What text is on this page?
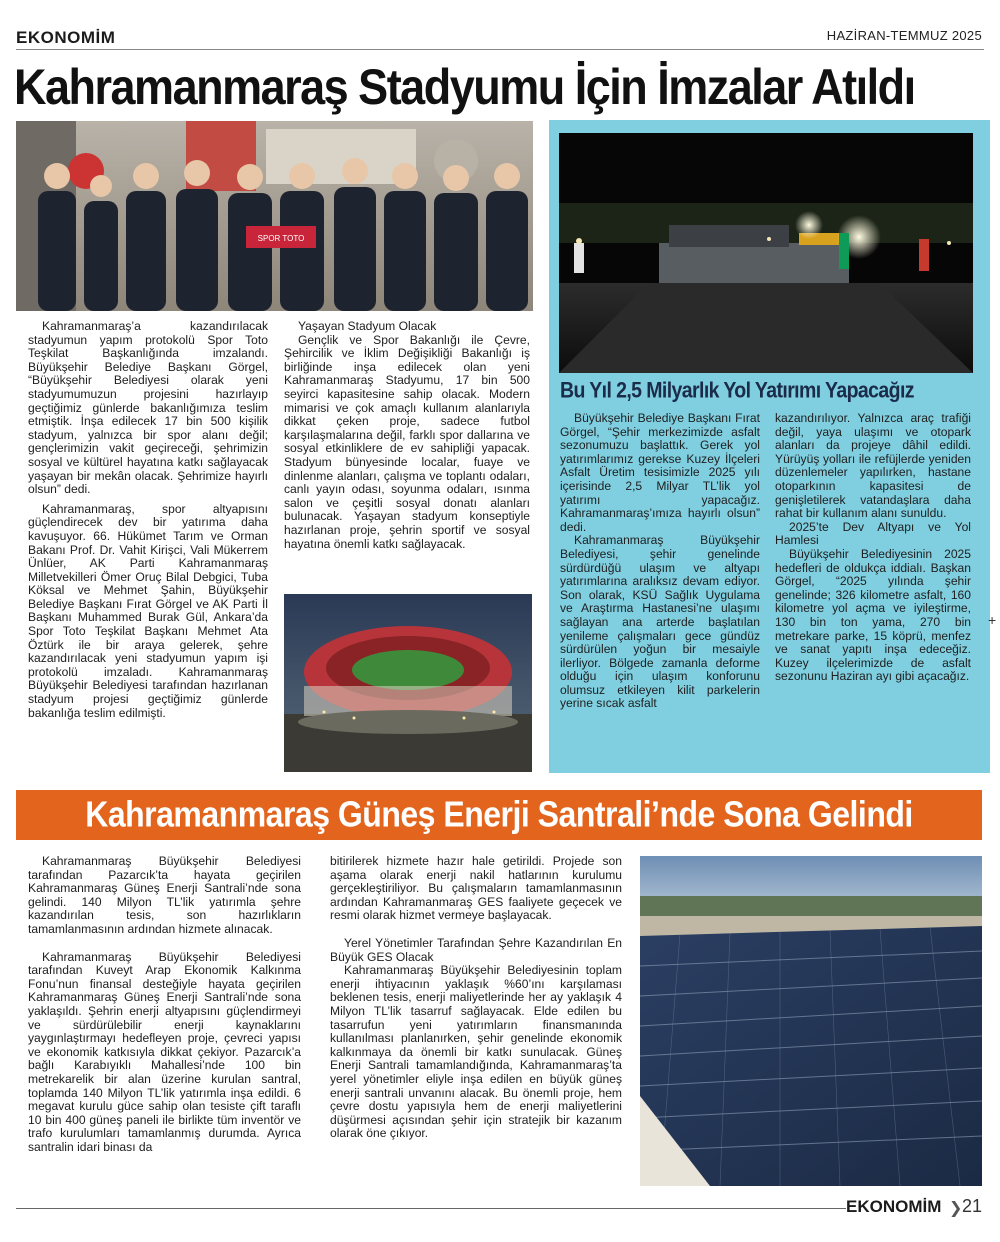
EKONOMİM	HAZİRAN-TEMMUZ 2025
Kahramanmaraş Stadyumu İçin İmzalar Atıldı
SPOR TOTO

Kahramanmaraş’a kazandırılacak stadyumun yapım protokolü Spor Toto Teşkilat Başkanlığında imzalandı. Büyükşehir Belediye Başkanı Görgel, “Büyükşehir Belediyesi olarak yeni stadyumumuzun projesini hazırlayıp geçtiğimiz günlerde bakanlığımıza teslim etmiştik. İnşa edilecek 17 bin 500 kişilik stadyum, yalnızca bir spor alanı değil; gençlerimizin vakit geçireceği, şehrimizin sosyal ve kültürel hayatına katkı sağlayacak yaşayan bir mekân olacak. Şehrimize hayırlı olsun” dedi.

Kahramanmaraş, spor altyapısını güçlendirecek dev bir yatırıma daha kavuşuyor. 66. Hükümet Tarım ve Orman Bakanı Prof. Dr. Vahit Kirişci, Vali Mükerrem Ünlüer, AK Parti Kahramanmaraş Milletvekilleri Ömer Oruç Bilal Debgici, Tuba Köksal ve Mehmet Şahin, Büyükşehir Belediye Başkanı Fırat Görgel ve AK Parti İl Başkanı Muhammed Burak Gül, Ankara’da Spor Toto Teşkilat Başkanı Mehmet Ata Öztürk ile bir araya gelerek, şehre kazandırılacak yeni stadyumun yapım işi protokolü imzaladı. Kahramanmaraş Büyükşehir Belediyesi tarafından hazırlanan stadyum projesi geçtiğimiz günlerde bakanlığa teslim edilmişti.

Yaşayan Stadyum Olacak

Gençlik ve Spor Bakanlığı ile Çevre, Şehircilik ve İklim Değişikliği Bakanlığı iş birliğinde inşa edilecek olan yeni Kahramanmaraş Stadyumu, 17 bin 500 seyirci kapasitesine sahip olacak. Modern mimarisi ve çok amaçlı kullanım alanlarıyla dikkat çeken proje, sadece futbol karşılaşmalarına değil, farklı spor dallarına ve sosyal etkinliklere de ev sahipliği yapacak. Stadyum bünyesinde localar, fuaye ve dinlenme alanları, çalışma ve toplantı odaları, canlı yayın odası, soyunma odaları, ısınma salon ve çeşitli sosyal donatı alanları bulunacak. Yaşayan stadyum konseptiyle hazırlanan proje, şehrin sportif ve sosyal hayatına önemli katkı sağlayacak.

Bu Yıl 2,5 Milyarlık Yol Yatırımı Yapacağız

Büyükşehir Belediye Başkanı Fırat Görgel, “Şehir merkezimizde asfalt sezonumuzu başlattık. Gerek yol yatırımlarımız gerekse Kuzey İlçeleri Asfalt Üretim tesisimizle 2025 yılı içerisinde 2,5 Milyar TL’lik yol yatırımı yapacağız. Kahramanmaraş’ımıza hayırlı olsun” dedi.

Kahramanmaraş Büyükşehir Belediyesi, şehir genelinde sürdürdüğü ulaşım ve altyapı yatırımlarına aralıksız devam ediyor. Son olarak, KSÜ Sağlık Uygulama ve Araştırma Hastanesi’ne ulaşımı sağlayan ana arterde başlatılan yenileme çalışmaları gece gündüz sürdürülen yoğun bir mesaiyle ilerliyor. Bölgede zamanla deforme olduğu için ulaşım konforunu olumsuz etkileyen kilit parkelerin yerine sıcak asfalt

kazandırılıyor. Yalnızca araç trafiği değil, yaya ulaşımı ve otopark alanları da projeye dâhil edildi. Yürüyüş yolları ile refüjlerde yeniden düzenlemeler yapılırken, hastane otoparkının kapasitesi de genişletilerek vatandaşlara daha rahat bir kullanım alanı sunuldu.

2025’te Dev Altyapı ve Yol Hamlesi

Büyükşehir Belediyesinin 2025 hedefleri de oldukça iddialı. Başkan Görgel, “2025 yılında şehir genelinde; 326 kilometre asfalt, 160 kilometre yol açma ve iyileştirme, 130 bin ton yama, 270 bin metrekare parke, 15 köprü, menfez ve sanat yapıtı inşa edeceğiz. Kuzey ilçelerimizde de asfalt sezonunu Haziran ayı gibi açacağız.

Kahramanmaraş Güneş Enerji Santrali’nde Sona Gelindi

Kahramanmaraş Büyükşehir Belediyesi tarafından Pazarcık’ta hayata geçirilen Kahramanmaraş Güneş Enerji Santrali’nde sona gelindi. 140 Milyon TL’lik yatırımla şehre kazandırılan tesis, son hazırlıkların tamamlanmasının ardından hizmete alınacak.

Kahramanmaraş Büyükşehir Belediyesi tarafından Kuveyt Arap Ekonomik Kalkınma Fonu’nun finansal desteğiyle hayata geçirilen Kahramanmaraş Güneş Enerji Santrali’nde sona yaklaşıldı. Şehrin enerji altyapısını güçlendirmeyi ve sürdürülebilir enerji kaynaklarını yaygınlaştırmayı hedefleyen proje, çevreci yapısı ve ekonomik katkısıyla dikkat çekiyor. Pazarcık’a bağlı Karabıyıklı Mahallesi’nde 100 bin metrekarelik bir alan üzerine kurulan santral, toplamda 140 Milyon TL’lik yatırımla inşa edildi. 6 megavat kurulu güce sahip olan tesiste çift taraflı 10 bin 400 güneş paneli ile birlikte tüm inventör ve trafo kurulumları tamamlanmış durumda. Ayrıca santralin idari binası da

bitirilerek hizmete hazır hale getirildi. Projede son aşama olarak enerji nakil hatlarının kurulumu gerçekleştiriliyor. Bu çalışmaların tamamlanmasının ardından Kahramanmaraş GES faaliyete geçecek ve resmi olarak hizmet vermeye başlayacak.

Yerel Yönetimler Tarafından Şehre Kazandırılan En Büyük GES Olacak

Kahramanmaraş Büyükşehir Belediyesinin toplam enerji ihtiyacının yaklaşık %60’ını karşılaması beklenen tesis, enerji maliyetlerinde her ay yaklaşık 4 Milyon TL’lik tasarruf sağlayacak. Elde edilen bu tasarrufun yeni yatırımların finansmanında kullanılması planlanırken, şehir genelinde ekonomik kalkınmaya da önemli bir katkı sunulacak. Güneş Enerji Santrali tamamlandığında, Kahramanmaraş’ta yerel yönetimler eliyle inşa edilen en büyük güneş enerji santrali unvanını alacak. Bu önemli proje, hem çevre dostu yapısıyla hem de enerji maliyetlerini düşürmesi açısından şehir için stratejik bir kazanım olarak öne çıkıyor.

EKONOMİM ❯ 21
+
